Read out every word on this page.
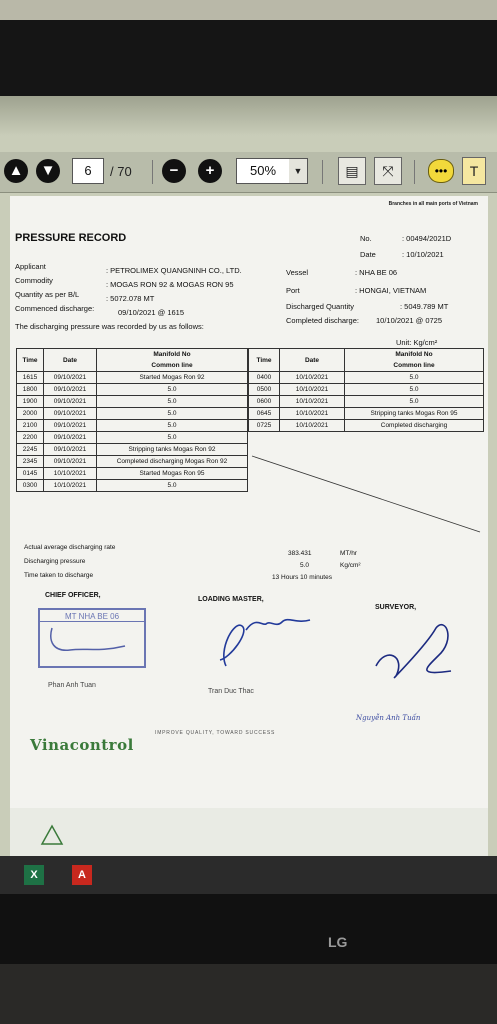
▲	▼	6	/ 70	−	+	50%	▼	▤	⤧	•••	T
Branches in all main ports of Vietnam
PRESSURE RECORD	No.	: 00494/2021D
Date	: 10/10/2021
Applicant	: PETROLIMEX QUANGNINH CO., LTD.
Commodity	: MOGAS RON 92 & MOGAS RON 95
Quantity as per B/L	: 5072.078 MT
Commenced discharge:	09/10/2021 @ 1615
Vessel	: NHA BE 06
Port	: HONGAI, VIETNAM
Discharged Quantity	: 5049.789 MT
Completed discharge: 10/10/2021 @ 0725
The discharging pressure was recorded by us as follows:
Unit: Kg/cm²
Time	Date	Manifold No
		Common line
1615	09/10/2021	Started Mogas Ron 92
1800	09/10/2021	5.0
1900	09/10/2021	5.0
2000	09/10/2021	5.0
2100	09/10/2021	5.0
2200	09/10/2021	5.0
2245	09/10/2021	Stripping tanks Mogas Ron 92
2345	09/10/2021	Completed discharging Mogas Ron 92
0145	10/10/2021	Started Mogas Ron 95
0300	10/10/2021	5.0
Time	Date	Manifold No
		Common line
0400	10/10/2021	5.0
0500	10/10/2021	5.0
0600	10/10/2021	5.0
0645	10/10/2021	Stripping tanks Mogas Ron 95
0725	10/10/2021	Completed discharging
Actual average discharging rate
383.431	MT/hr
Discharging pressure
5.0	Kg/cm²
Time taken to discharge	13 Hours 10 minutes
CHIEF OFFICER,
LOADING MASTER,
SURVEYOR,
MT NHA BE 06
Phan Anh Tuan
Tran Duc Thac
Nguyễn Anh Tuấn
IMPROVE QUALITY, TOWARD SUCCESS
Vinacontrol
X	A
LG
